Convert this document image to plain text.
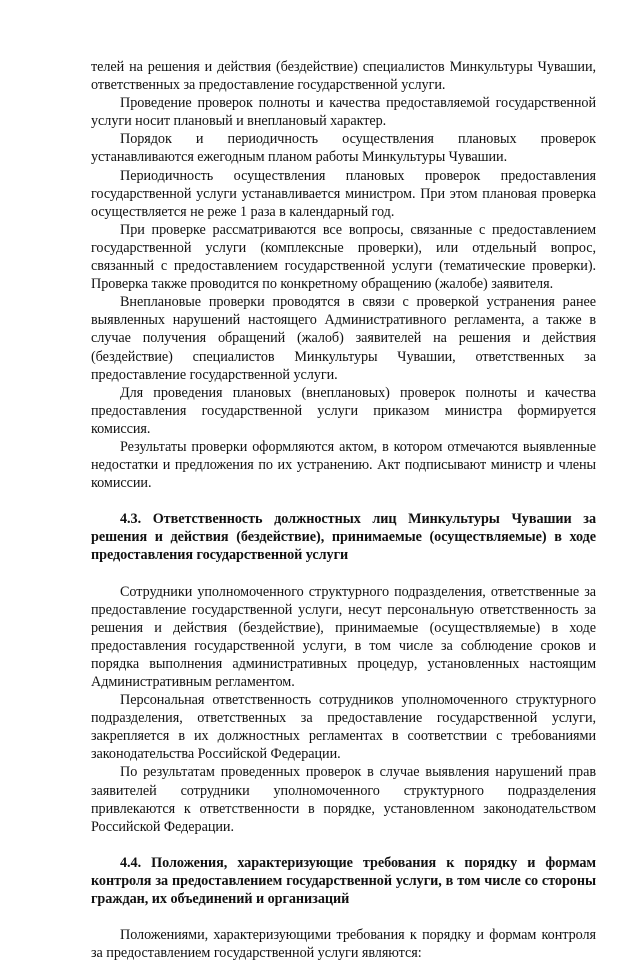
телей на решения и действия (бездействие) специалистов Минкультуры Чувашии, ответственных за предоставление государственной услуги.

Проведение проверок полноты и качества предоставляемой государственной услуги носит плановый и внеплановый характер.

Порядок и периодичность осуществления плановых проверок устанавливаются ежегодным планом работы Минкультуры Чувашии.

Периодичность осуществления плановых проверок предоставления государственной услуги устанавливается министром. При этом плановая проверка осуществляется не реже 1 раза в календарный год.

При проверке рассматриваются все вопросы, связанные с предоставлением государственной услуги (комплексные проверки), или отдельный вопрос, связанный с предоставлением государственной услуги (тематические проверки). Проверка также проводится по конкретному обращению (жалобе) заявителя.

Внеплановые проверки проводятся в связи с проверкой устранения ранее выявленных нарушений настоящего Административного регламента, а также в случае получения обращений (жалоб) заявителей на решения и действия (бездействие) специалистов Минкультуры Чувашии, ответственных за предоставление государственной услуги.

Для проведения плановых (внеплановых) проверок полноты и качества предоставления государственной услуги приказом министра формируется комиссия.

Результаты проверки оформляются актом, в котором отмечаются выявленные недостатки и предложения по их устранению. Акт подписывают министр и члены комиссии.

4.3. Ответственность должностных лиц Минкультуры Чувашии за решения и действия (бездействие), принимаемые (осуществляемые) в ходе предоставления государственной услуги

Сотрудники уполномоченного структурного подразделения, ответственные за предоставление государственной услуги, несут персональную ответственность за решения и действия (бездействие), принимаемые (осуществляемые) в ходе предоставления государственной услуги, в том числе за соблюдение сроков и порядка выполнения административных процедур, установленных настоящим Административным регламентом.

Персональная ответственность сотрудников уполномоченного структурного подразделения, ответственных за предоставление государственной услуги, закрепляется в их должностных регламентах в соответствии с требованиями законодательства Российской Федерации.

По результатам проведенных проверок в случае выявления нарушений прав заявителей сотрудники уполномоченного структурного подразделения привлекаются к ответственности в порядке, установленном законодательством Российской Федерации.

4.4. Положения, характеризующие требования к порядку и формам контроля за предоставлением государственной услуги, в том числе со стороны граждан, их объединений и организаций

Положениями, характеризующими требования к порядку и формам контроля за предоставлением государственной услуги являются:
